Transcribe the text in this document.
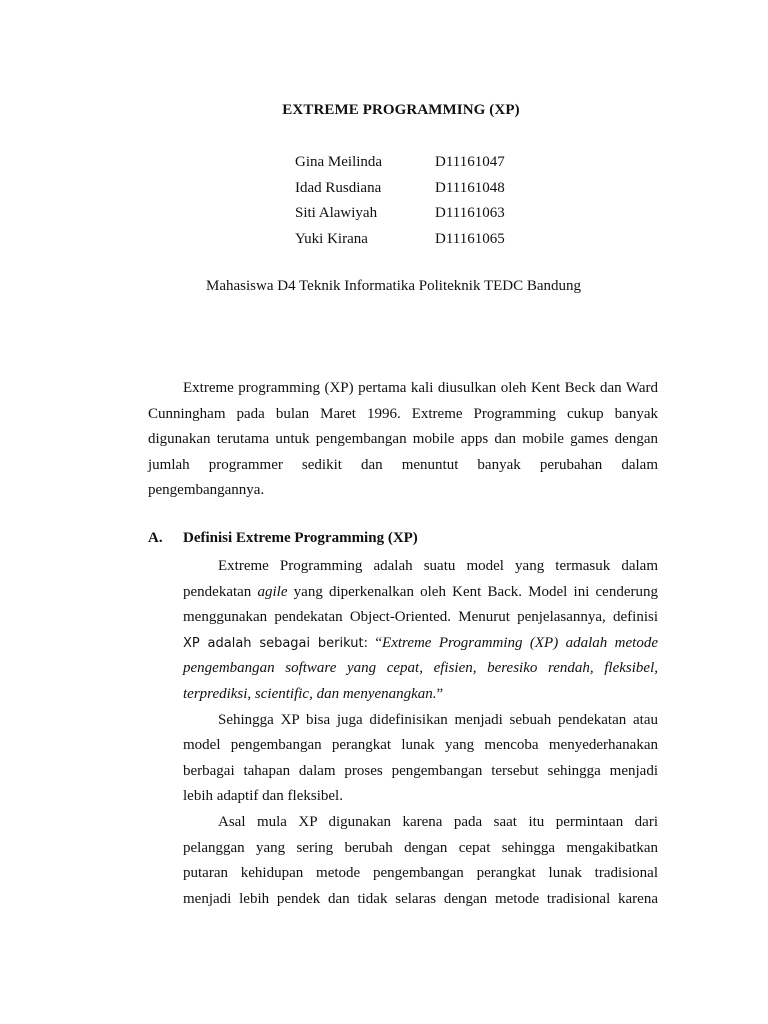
EXTREME PROGRAMMING (XP)
Gina Meilinda	D11161047
Idad Rusdiana	D11161048
Siti Alawiyah	D11161063
Yuki Kirana	D11161065
Mahasiswa D4 Teknik Informatika Politeknik TEDC Bandung
Extreme programming (XP) pertama kali diusulkan oleh Kent Beck dan Ward
Cunningham pada bulan Maret 1996. Extreme Programming cukup banyak
digunakan terutama untuk pengembangan mobile apps dan mobile games dengan
jumlah programmer sedikit dan menuntut banyak perubahan dalam
pengembangannya.
A. Definisi Extreme Programming (XP)
Extreme Programming adalah suatu model yang termasuk dalam
pendekatan agile yang diperkenalkan oleh Kent Back. Model ini cenderung
menggunakan pendekatan Object-Oriented. Menurut penjelasannya, definisi
XP adalah sebagai berikut: “Extreme Programming (XP) adalah metode
pengembangan software yang cepat, efisien, beresiko rendah, fleksibel,
terprediksi, scientific, dan menyenangkan.”
Sehingga XP bisa juga didefinisikan menjadi sebuah pendekatan atau
model pengembangan perangkat lunak yang mencoba menyederhanakan
berbagai tahapan dalam proses pengembangan tersebut sehingga menjadi
lebih adaptif dan fleksibel.
Asal mula XP digunakan karena pada saat itu permintaan dari
pelanggan yang sering berubah dengan cepat sehingga mengakibatkan
putaran kehidupan metode pengembangan perangkat lunak tradisional
menjadi lebih pendek dan tidak selaras dengan metode tradisional karena
